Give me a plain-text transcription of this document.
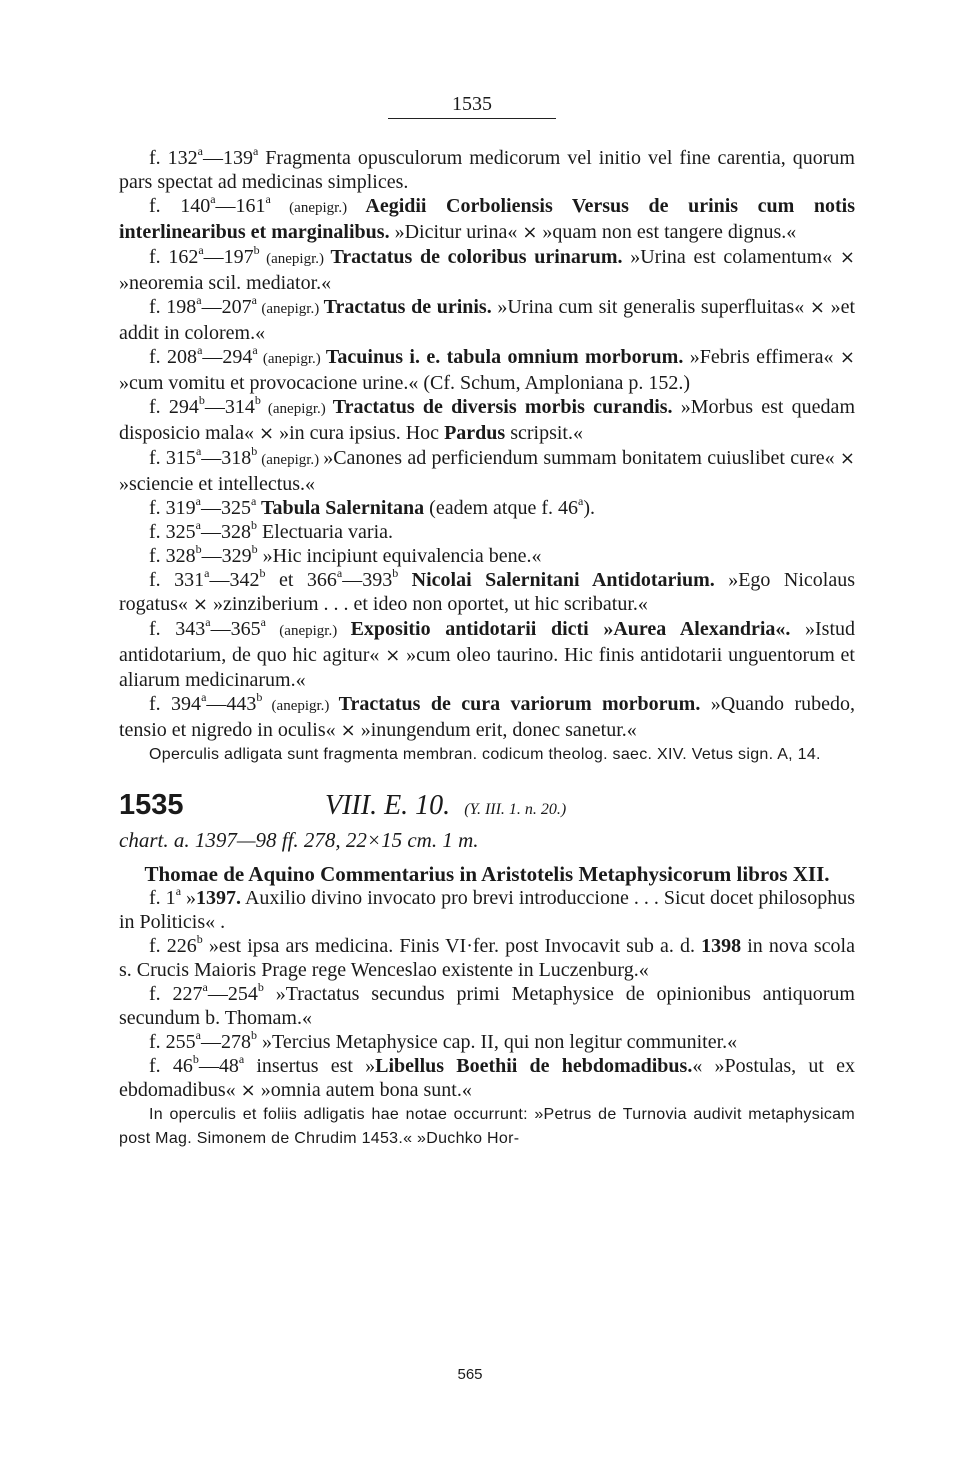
1535

f. 132$^a$—139$^a$ Fragmenta opusculorum medicorum vel initio vel fine carentia, quorum pars spectat ad medicinas simplices.

f. 140$^a$—161$^a$ (anepigr.) Aegidii Corboliensis Versus de urinis cum notis interlinearibus et marginalibus. »Dicitur urina« × »quam non est tangere dignus.«

f. 162$^a$—197$^b$ (anepigr.) Tractatus de coloribus urinarum. »Urina est colamentum« × »neoremia scil. mediator.«

f. 198$^a$—207$^a$ (anepigr.) Tractatus de urinis. »Urina cum sit generalis superfluitas« × »et addit in colorem.«

f. 208$^a$—294$^a$ (anepigr.) Tacuinus i. e. tabula omnium morborum. »Febris effimera« × »cum vomitu et provocacione urine.« (Cf. Schum, Amploniana p. 152.)

f. 294$^b$—314$^b$ (anepigr.) Tractatus de diversis morbis curandis. »Morbus est quedam disposicio mala« × »in cura ipsius. Hoc Pardus scripsit.«

f. 315$^a$—318$^b$ (anepigr.) »Canones ad perficiendum summam bonitatem cuiuslibet cure« × »sciencie et intellectus.«

f. 319$^a$—325$^a$ Tabula Salernitana (eadem atque f. 46$^a$).

f. 325$^a$—328$^b$ Electuaria varia.

f. 328$^b$—329$^b$ »Hic incipiunt equivalencia bene.«

f. 331$^a$—342$^b$ et 366$^a$—393$^b$ Nicolai Salernitani Antidotarium. »Ego Nicolaus rogatus« × »zinziberium . . . et ideo non oportet, ut hic scribatur.«

f. 343$^a$—365$^a$ (anepigr.) Expositio antidotarii dicti »Aurea Alexandria«. »Istud antidotarium, de quo hic agitur« × »cum oleo taurino. Hic finis antidotarii unguentorum et aliarum medicinarum.«

f. 394$^a$—443$^b$ (anepigr.) Tractatus de cura variorum morborum. »Quando rubedo, tensio et nigredo in oculis« × »inungendum erit, donec sanetur.«

Operculis adligata sunt fragmenta membran. codicum theolog. saec. XIV. Vetus sign. A, 14.

1535	VIII. E. 10. (Y. III. 1. n. 20.)

chart. a. 1397—98 ff. 278, 22×15 cm. 1 m.

Thomae de Aquino Commentarius in Aristotelis Metaphysicorum libros XII.

f. 1$^a$ »1397. Auxilio divino invocato pro brevi introduccione . . . Sicut docet philosophus in Politicis« .

f. 226$^b$ »est ipsa ars medicina. Finis VI·fer. post Invocavit sub a. d. 1398 in nova scola s. Crucis Maioris Prage rege Wenceslao existente in Luczenburg.«

f. 227$^a$—254$^b$ »Tractatus secundus primi Metaphysice de opinionibus antiquorum secundum b. Thomam.«

f. 255$^a$—278$^b$ »Tercius Metaphysice cap. II, qui non legitur communiter.«

f. 46$^b$—48$^a$ insertus est »Libellus Boethii de hebdomadibus.« »Postulas, ut ex ebdomadibus« × »omnia autem bona sunt.«

In operculis et foliis adligatis hae notae occurrunt: »Petrus de Turnovia audivit metaphysicam post Mag. Simonem de Chrudim 1453.« »Duchko Hor-

565
